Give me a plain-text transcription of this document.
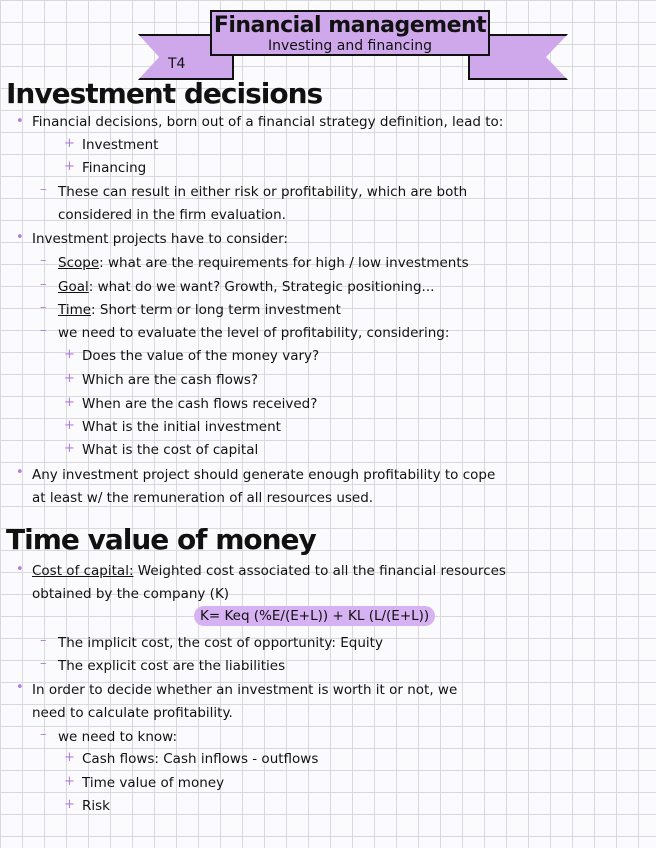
T4
Financial management
Investing and financing
Investment decisions
• Financial decisions, born out of a financial strategy definition, lead to:
+ Investment
+ Financing
– These can result in either risk or profitability, which are both
considered in the firm evaluation.
• Investment projects have to consider:
– Scope: what are the requirements for high / low investments
– Goal: what do we want? Growth, Strategic positioning...
– Time: Short term or long term investment
– we need to evaluate the level of profitability, considering:
+ Does the value of the money vary?
+ Which are the cash flows?
+ When are the cash flows received?
+ What is the initial investment
+ What is the cost of capital
• Any investment project should generate enough profitability to cope
at least w/ the remuneration of all resources used.
Time value of money
• Cost of capital: Weighted cost associated to all the financial resources
obtained by the company (K)
K= Keq (%E/(E+L)) + KL (L/(E+L))
– The implicit cost, the cost of opportunity: Equity
– The explicit cost are the liabilities
• In order to decide whether an investment is worth it or not, we
need to calculate profitability.
– we need to know:
+ Cash flows: Cash inflows - outflows
+ Time value of money
+ Risk
